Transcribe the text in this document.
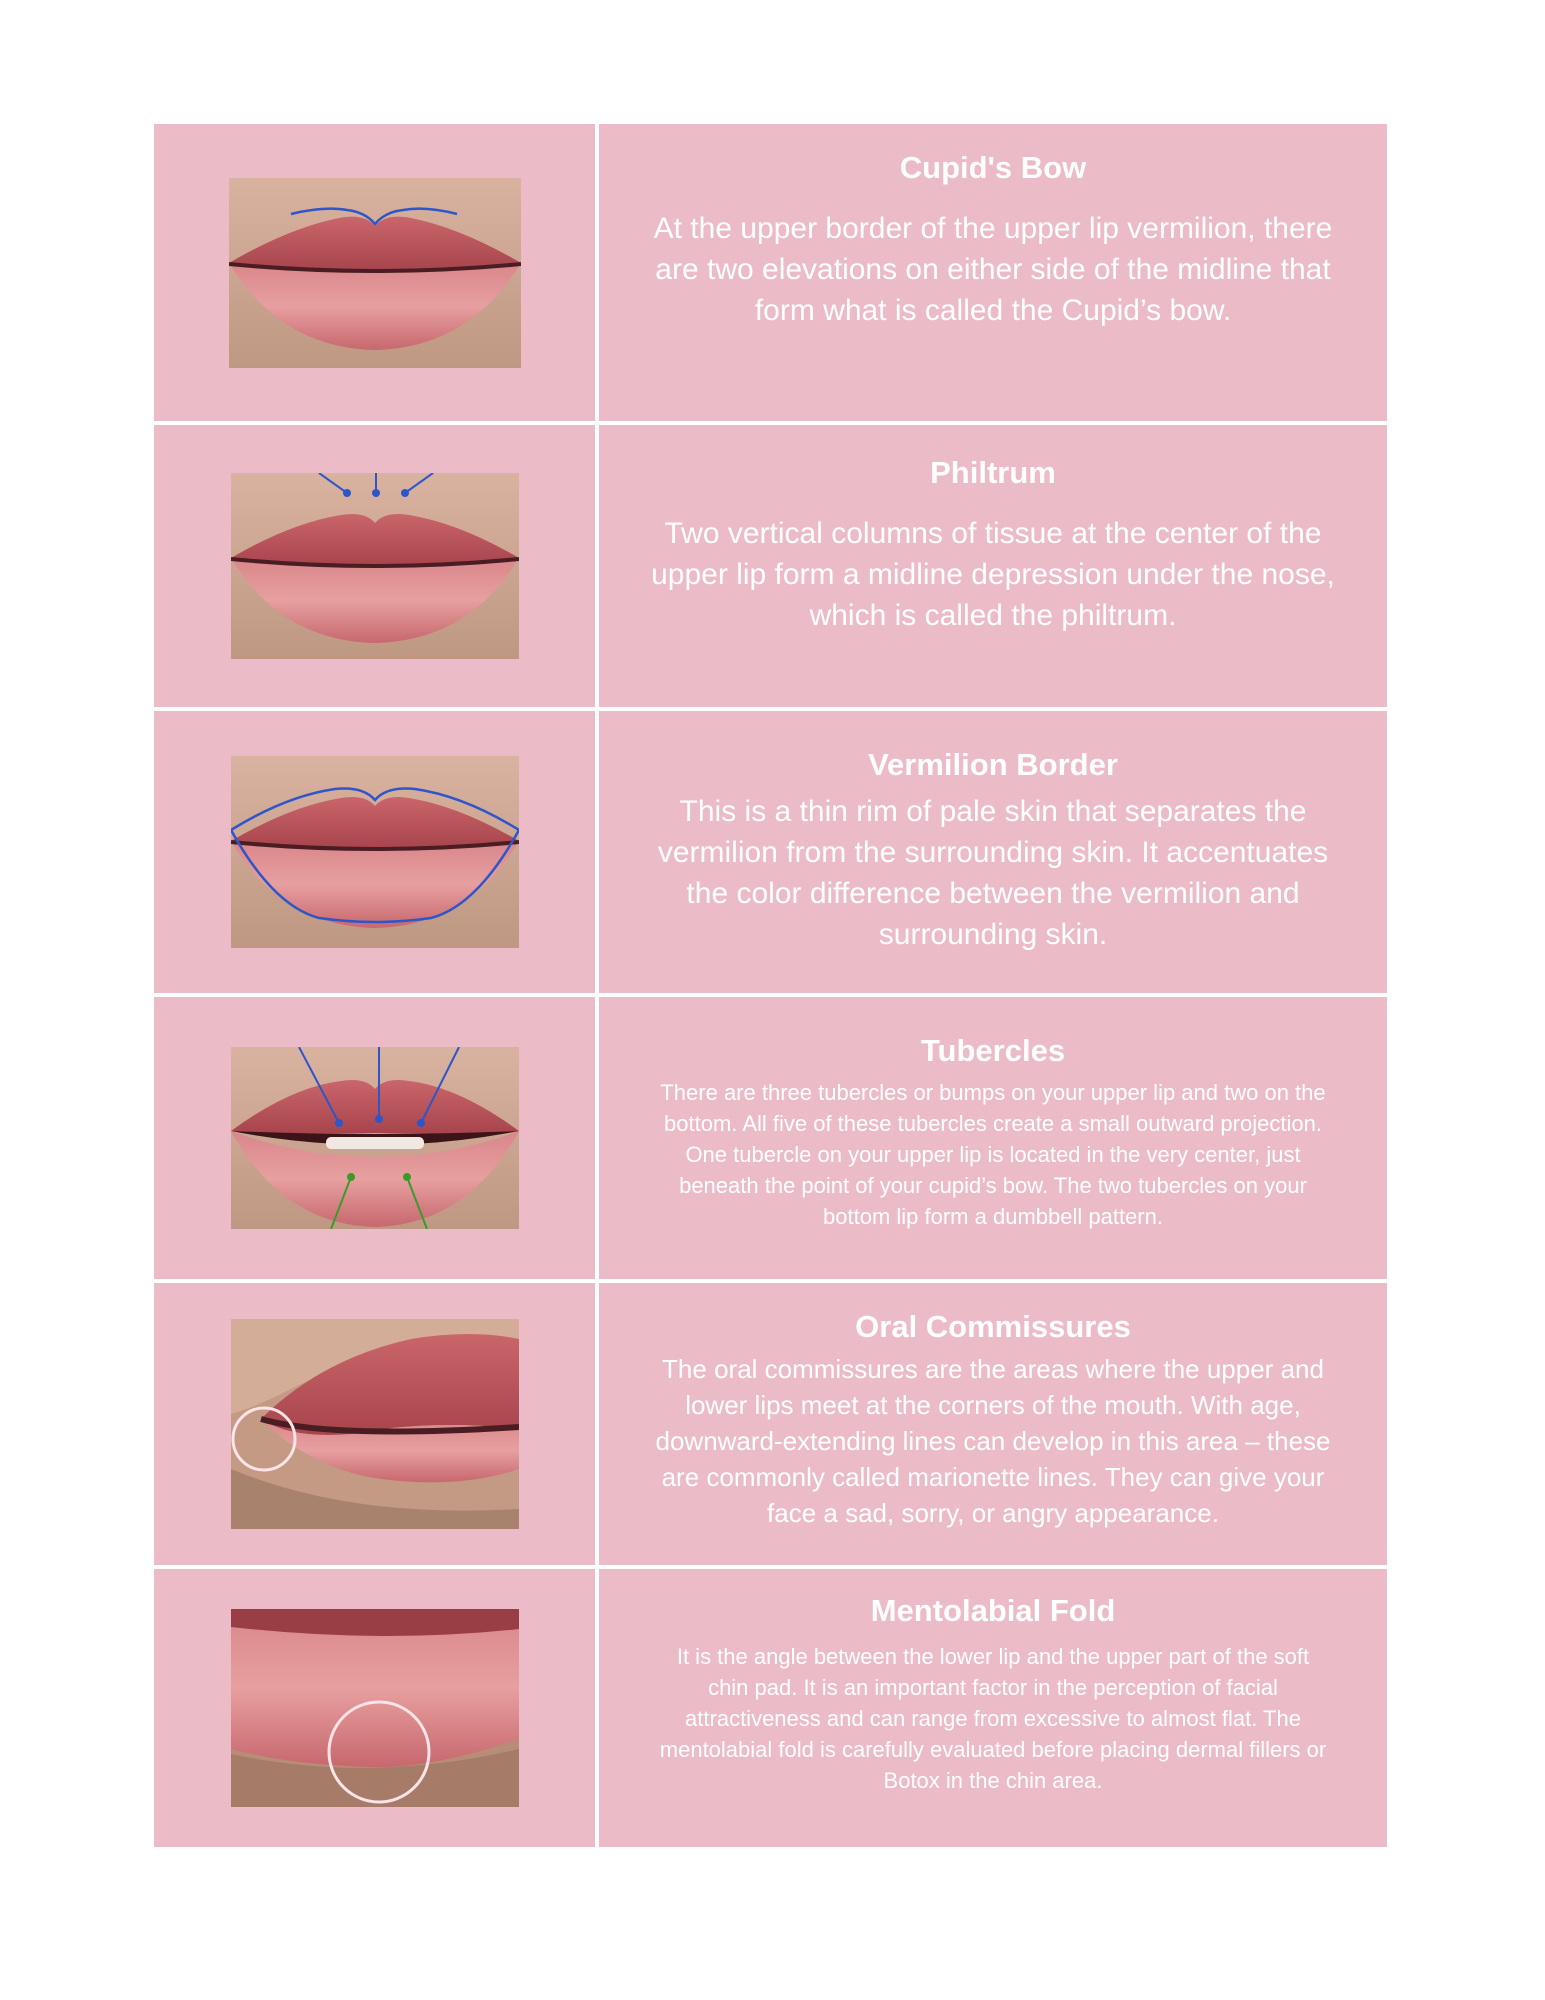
Cupid's Bow
At the upper border of the upper lip vermilion, there are two elevations on either side of the midline that form what is called the Cupid’s bow.
Philtrum
Two vertical columns of tissue at the center of the upper lip form a midline depression under the nose, which is called the philtrum.
Vermilion Border
This is a thin rim of pale skin that separates the vermilion from the surrounding skin. It accentuates the color difference between the vermilion and surrounding skin.
Tubercles
There are three tubercles or bumps on your upper lip and two on the bottom. All five of these tubercles create a small outward projection. One tubercle on your upper lip is located in the very center, just beneath the point of your cupid’s bow. The two tubercles on your bottom lip form a dumbbell pattern.
Oral Commissures
The oral commissures are the areas where the upper and lower lips meet at the corners of the mouth. With age, downward-extending lines can develop in this area – these are commonly called marionette lines. They can give your face a sad, sorry, or angry appearance.
Mentolabial Fold
It is the angle between the lower lip and the upper part of the soft chin pad. It is an important factor in the perception of facial attractiveness and can range from excessive to almost flat. The mentolabial fold is carefully evaluated before placing dermal fillers or Botox in the chin area.
